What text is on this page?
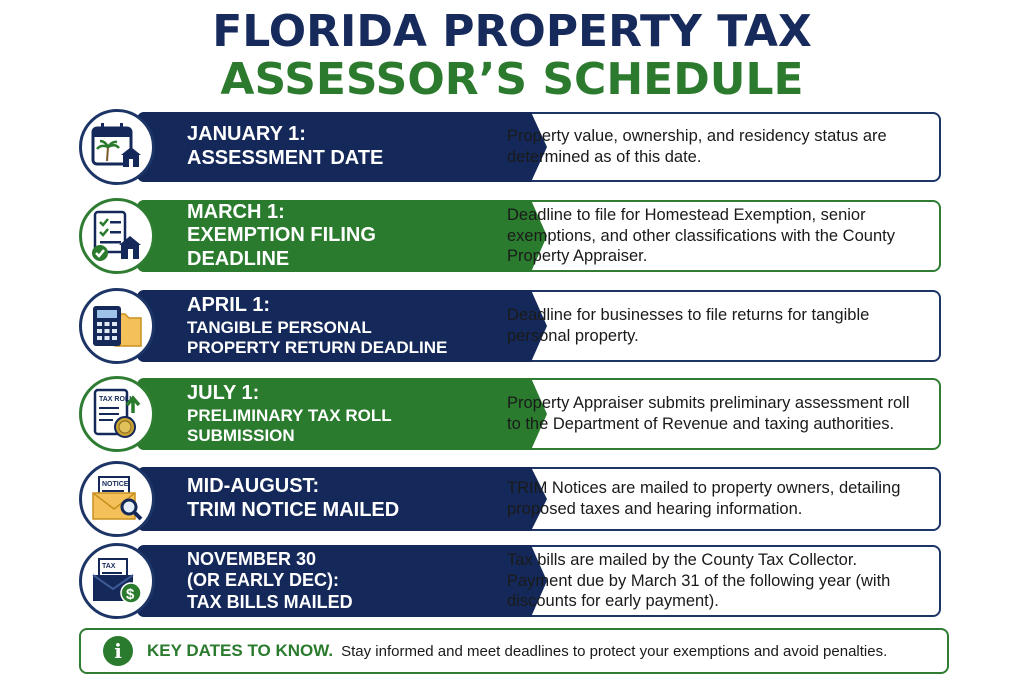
FLORIDA PROPERTY TAX
ASSESSOR’S SCHEDULE
JANUARY 1:
ASSESSMENT DATE
Property value, ownership, and residency status are determined as of this date.
MARCH 1:
EXEMPTION FILING DEADLINE
Deadline to file for Homestead Exemption, senior exemptions, and other classifications with the County Property Appraiser.
APRIL 1:
TANGIBLE PERSONAL
PROPERTY RETURN DEADLINE
Deadline for businesses to file returns for tangible personal property.
JULY 1:
PRELIMINARY TAX ROLL SUBMISSION
Property Appraiser submits preliminary assessment roll to the Department of Revenue and taxing authorities.
TAX ROLL
MID-AUGUST:
TRIM NOTICE MAILED
TRIM Notices are mailed to property owners, detailing proposed taxes and hearing information.
NOTICE
NOVEMBER 30
(OR EARLY DEC):
TAX BILLS MAILED
Tax bills are mailed by the County Tax Collector. Payment due by March 31 of the following year (with discounts for early payment).
TAX
$
i	KEY DATES TO KNOW. Stay informed and meet deadlines to protect your exemptions and avoid penalties.
